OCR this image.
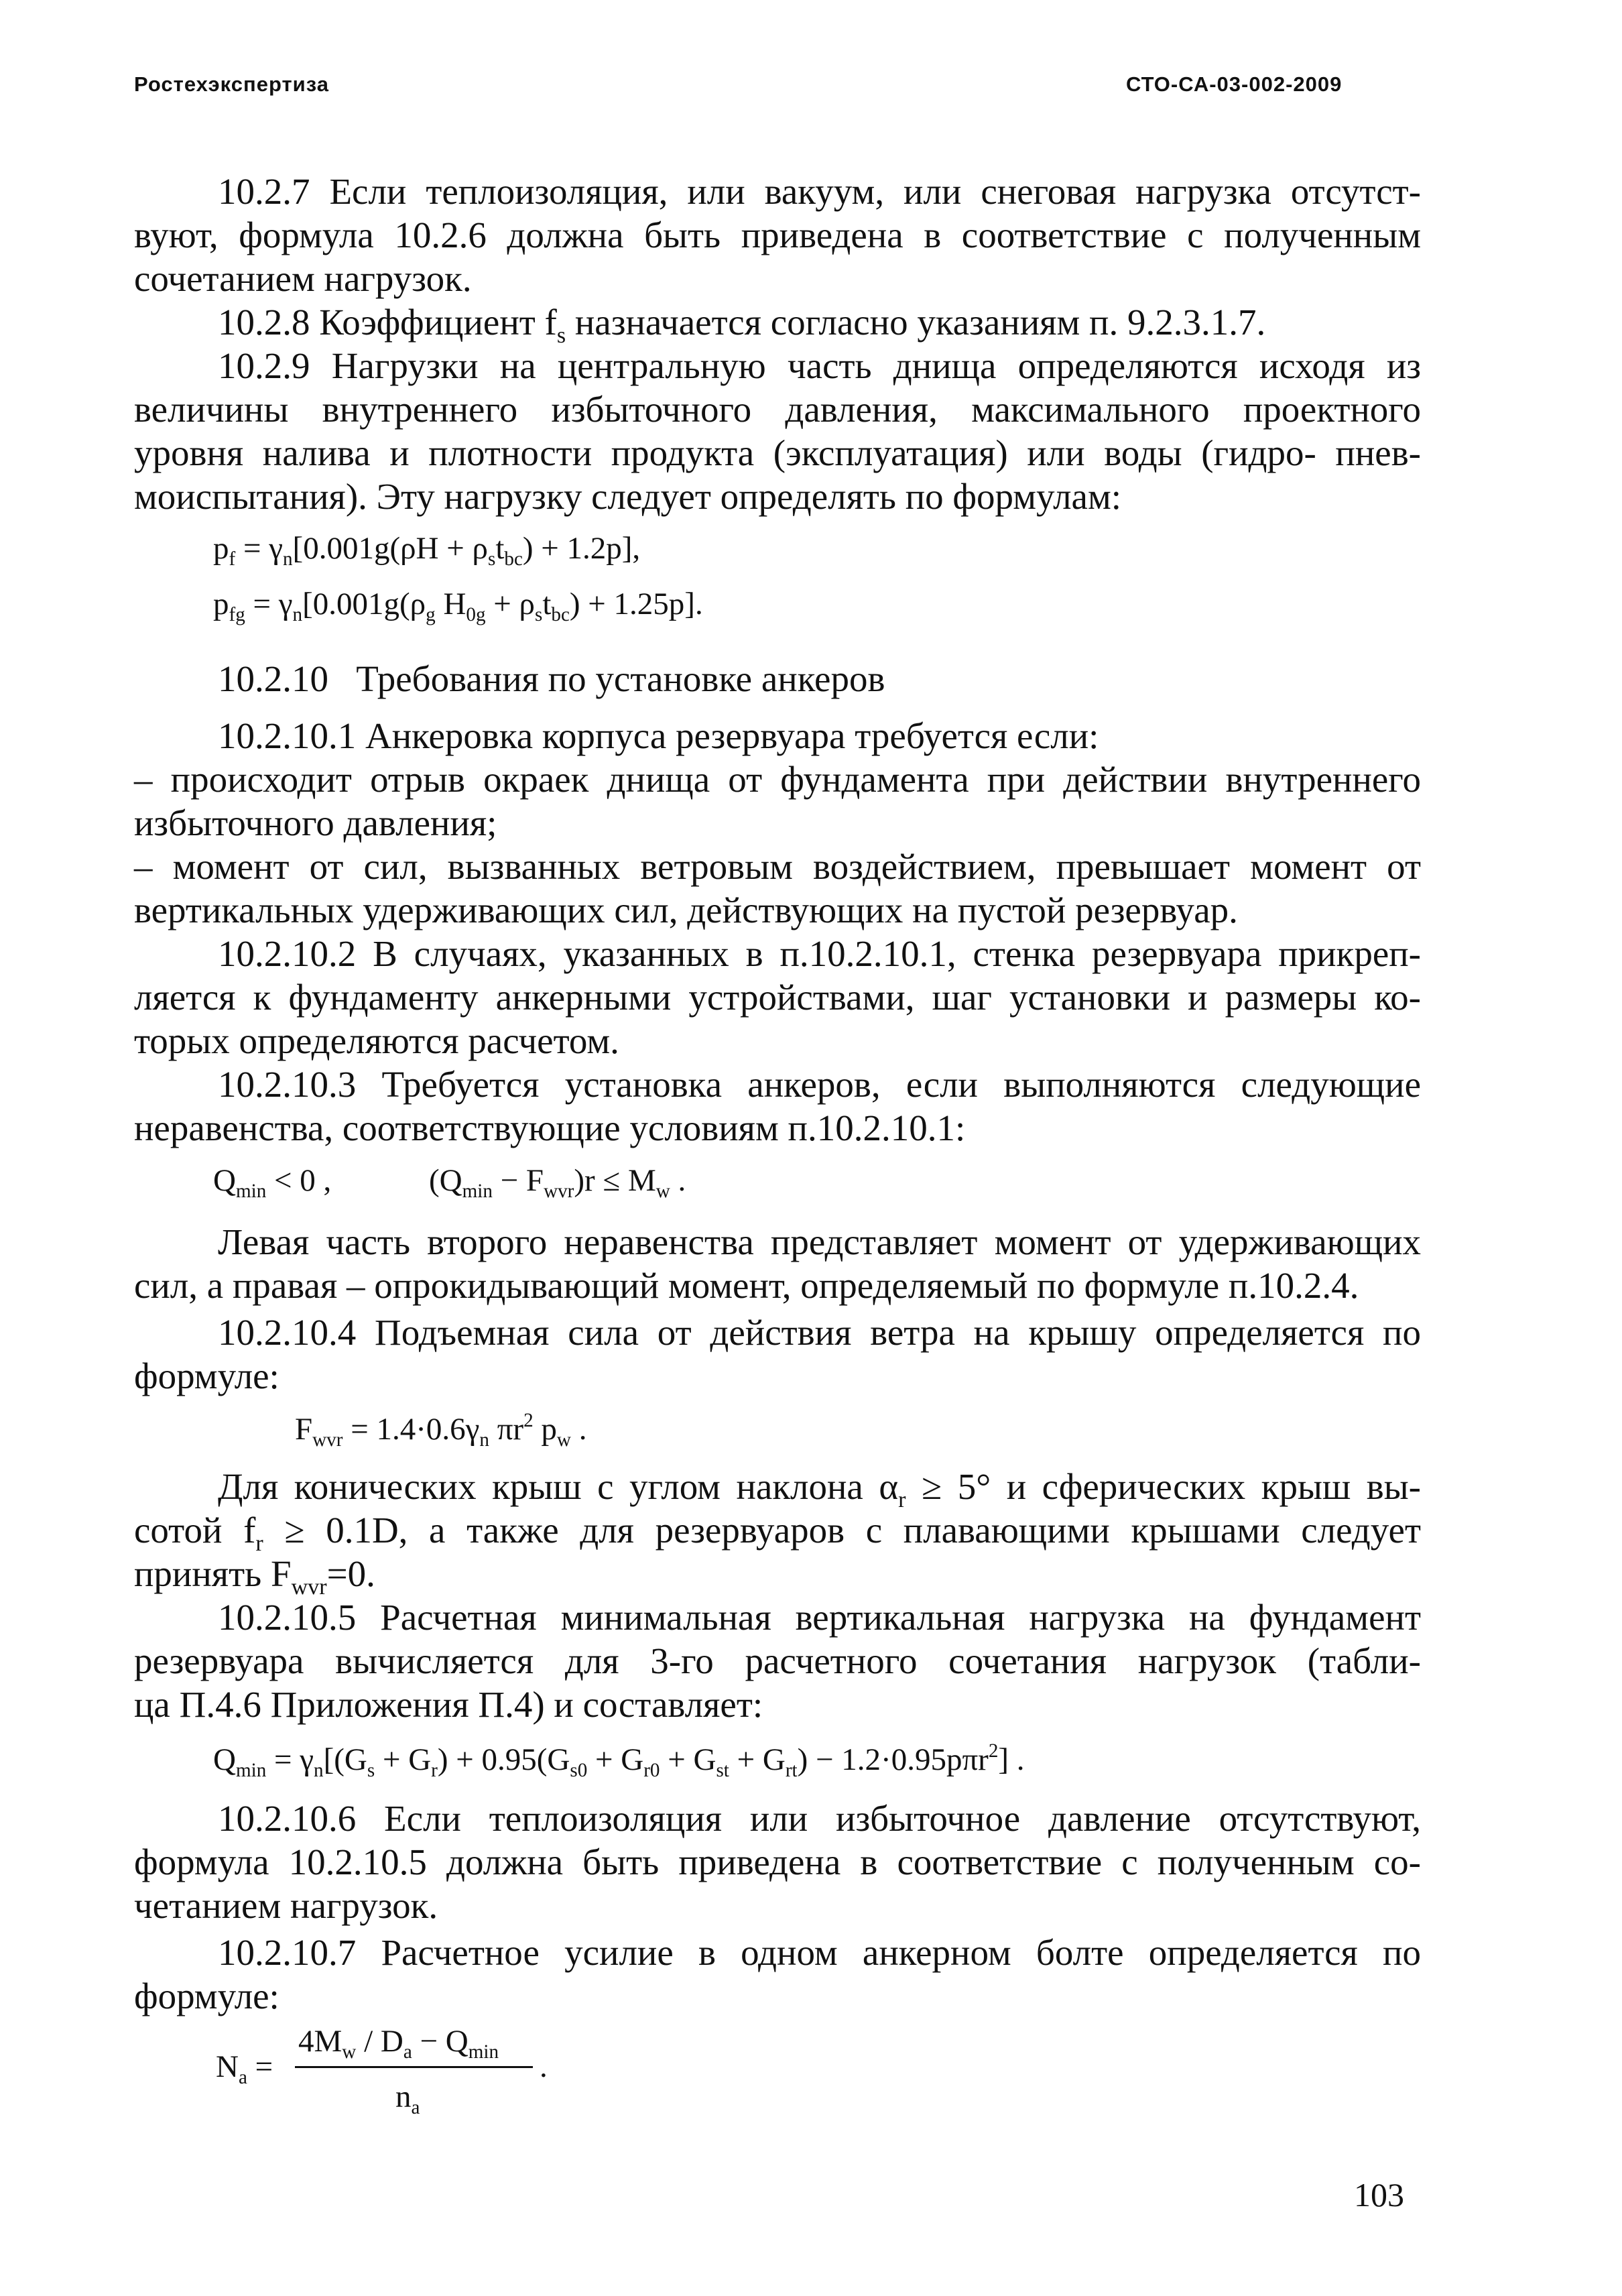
Ростехэкспертиза	СТО-СА-03-002-2009
10.2.7 Если теплоизоляция, или вакуум, или снеговая нагрузка отсутст-
вуют, формула 10.2.6 должна быть приведена в соответствие с полученным
сочетанием нагрузок.
10.2.8 Коэффициент $f_s$ назначается согласно указаниям п. 9.2.3.1.7.
10.2.9 Нагрузки на центральную часть днища определяются исходя из
величины внутреннего избыточного давления, максимального проектного
уровня налива и плотности продукта (эксплуатация) или воды (гидро- пнев-
моиспытания). Эту нагрузку следует определять по формулам:
$p_f = \gamma_n[0.001g(\rho H + \rho_st_{bc}) + 1.2p]$,
$p_{fg} = \gamma_n[0.001g(\rho_g$ $H_{0g} + \rho_st_{bc}) + 1.25p$].
10.2.10   Требования по установке анкеров
10.2.10.1 Анкеровка корпуса резервуара требуется если:
– происходит отрыв окраек днища от фундамента при действии внутреннего
избыточного давления;
– момент от сил, вызванных ветровым воздействием, превышает момент от
вертикальных удерживающих сил, действующих на пустой резервуар.
10.2.10.2 В случаях, указанных в п.10.2.10.1, стенка резервуара прикреп-
ляется к фундаменту анкерными устройствами, шаг установки и размеры ко-
торых определяются расчетом.
10.2.10.3 Требуется установка анкеров, если выполняются следующие
неравенства, соответствующие условиям п.10.2.10.1:
$Q_{min} < 0$ ,	$(Q_{min} - F_{wvr})r \le M_w$ .
Левая часть второго неравенства представляет момент от удерживающих
сил, а правая – опрокидывающий момент, определяемый по формуле п.10.2.4.
10.2.10.4 Подъемная сила от действия ветра на крышу определяется по
формуле:
$F_{wvr} = 1.4\cdot 0.6\gamma_n$ $\pi r^2$ $p_w$ .
Для конических крыш с углом наклона $\alpha_r \ge 5^\circ$ и сферических крыш вы-
сотой $f_r \ge 0.1D$, а также для резервуаров с плавающими крышами следует
принять $F_{wvr}=0$.
10.2.10.5 Расчетная минимальная вертикальная нагрузка на фундамент
резервуара вычисляется для 3-го расчетного сочетания нагрузок (табли-
ца П.4.6 Приложения П.4) и составляет:
$Q_{min} = \gamma_n[(G_s + G_r) + 0.95(G_{s0} + G_{r0} + G_{st} + G_{rt}) - 1.2\cdot 0.95p\pi r^2]$ .
10.2.10.6 Если теплоизоляция или избыточное давление отсутствуют,
формула 10.2.10.5 должна быть приведена в соответствие с полученным со-
четанием нагрузок.
10.2.10.7 Расчетное усилие в одном анкерном болте определяется по
формуле:
$N_a$ =
$4M_w / D_a - Q_{min}$
$n_a$
.
103
